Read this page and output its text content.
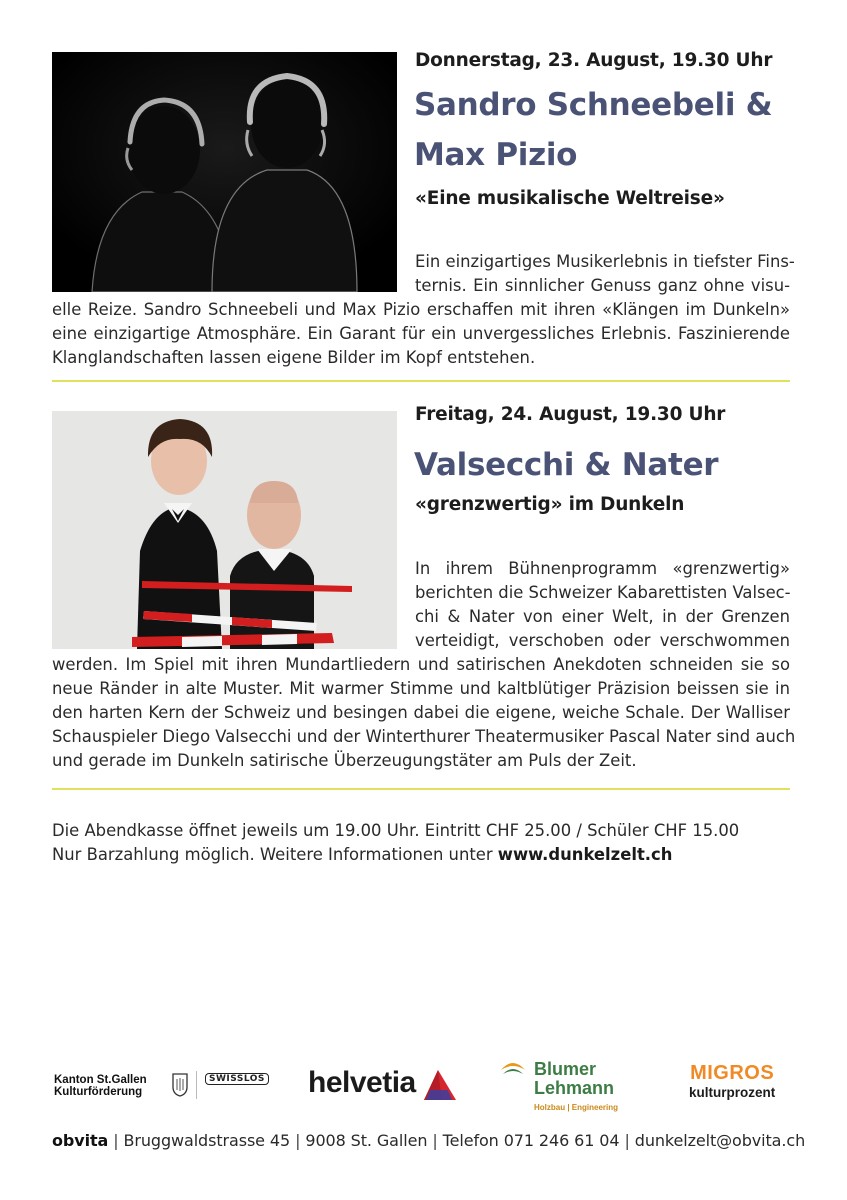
Donnerstag, 23. August, 19.30 Uhr
Sandro Schneebeli &
Max Pizio
«Eine musikalische Weltreise»
Ein einzigartiges Musikerlebnis in tiefster Fins-
ternis. Ein sinnlicher Genuss ganz ohne visu-
elle Reize. Sandro Schneebeli und Max Pizio erschaffen mit ihren «Klängen im Dunkeln»
eine einzigartige Atmosphäre. Ein Garant für ein unvergessliches Erlebnis. Faszinierende
Klanglandschaften lassen eigene Bilder im Kopf entstehen.
Freitag, 24. August, 19.30 Uhr
Valsecchi & Nater
«grenzwertig» im Dunkeln
In ihrem Bühnenprogramm «grenzwertig»
berichten die Schweizer Kabarettisten Valsec-
chi & Nater von einer Welt, in der Grenzen
verteidigt, verschoben oder verschwommen
werden. Im Spiel mit ihren Mundartliedern und satirischen Anekdoten schneiden sie so
neue Ränder in alte Muster. Mit warmer Stimme und kaltblütiger Präzision beissen sie in
den harten Kern der Schweiz und besingen dabei die eigene, weiche Schale. Der Walliser
Schauspieler Diego Valsecchi und der Winterthurer Theatermusiker Pascal Nater sind auch
und gerade im Dunkeln satirische Überzeugungstäter am Puls der Zeit.
Die Abendkasse öffnet jeweils um 19.00 Uhr. Eintritt CHF 25.00 / Schüler CHF 15.00
Nur Barzahlung möglich. Weitere Informationen unter www.dunkelzelt.ch
Kanton St.Gallen
Kulturförderung
SWISSLOS helvetia	Blumer
Lehmann
Holzbau | Engineering
MIGROS
kulturprozent
obvita | Bruggwaldstrasse 45 | 9008 St. Gallen | Telefon 071 246 61 04 | dunkelzelt@obvita.ch
